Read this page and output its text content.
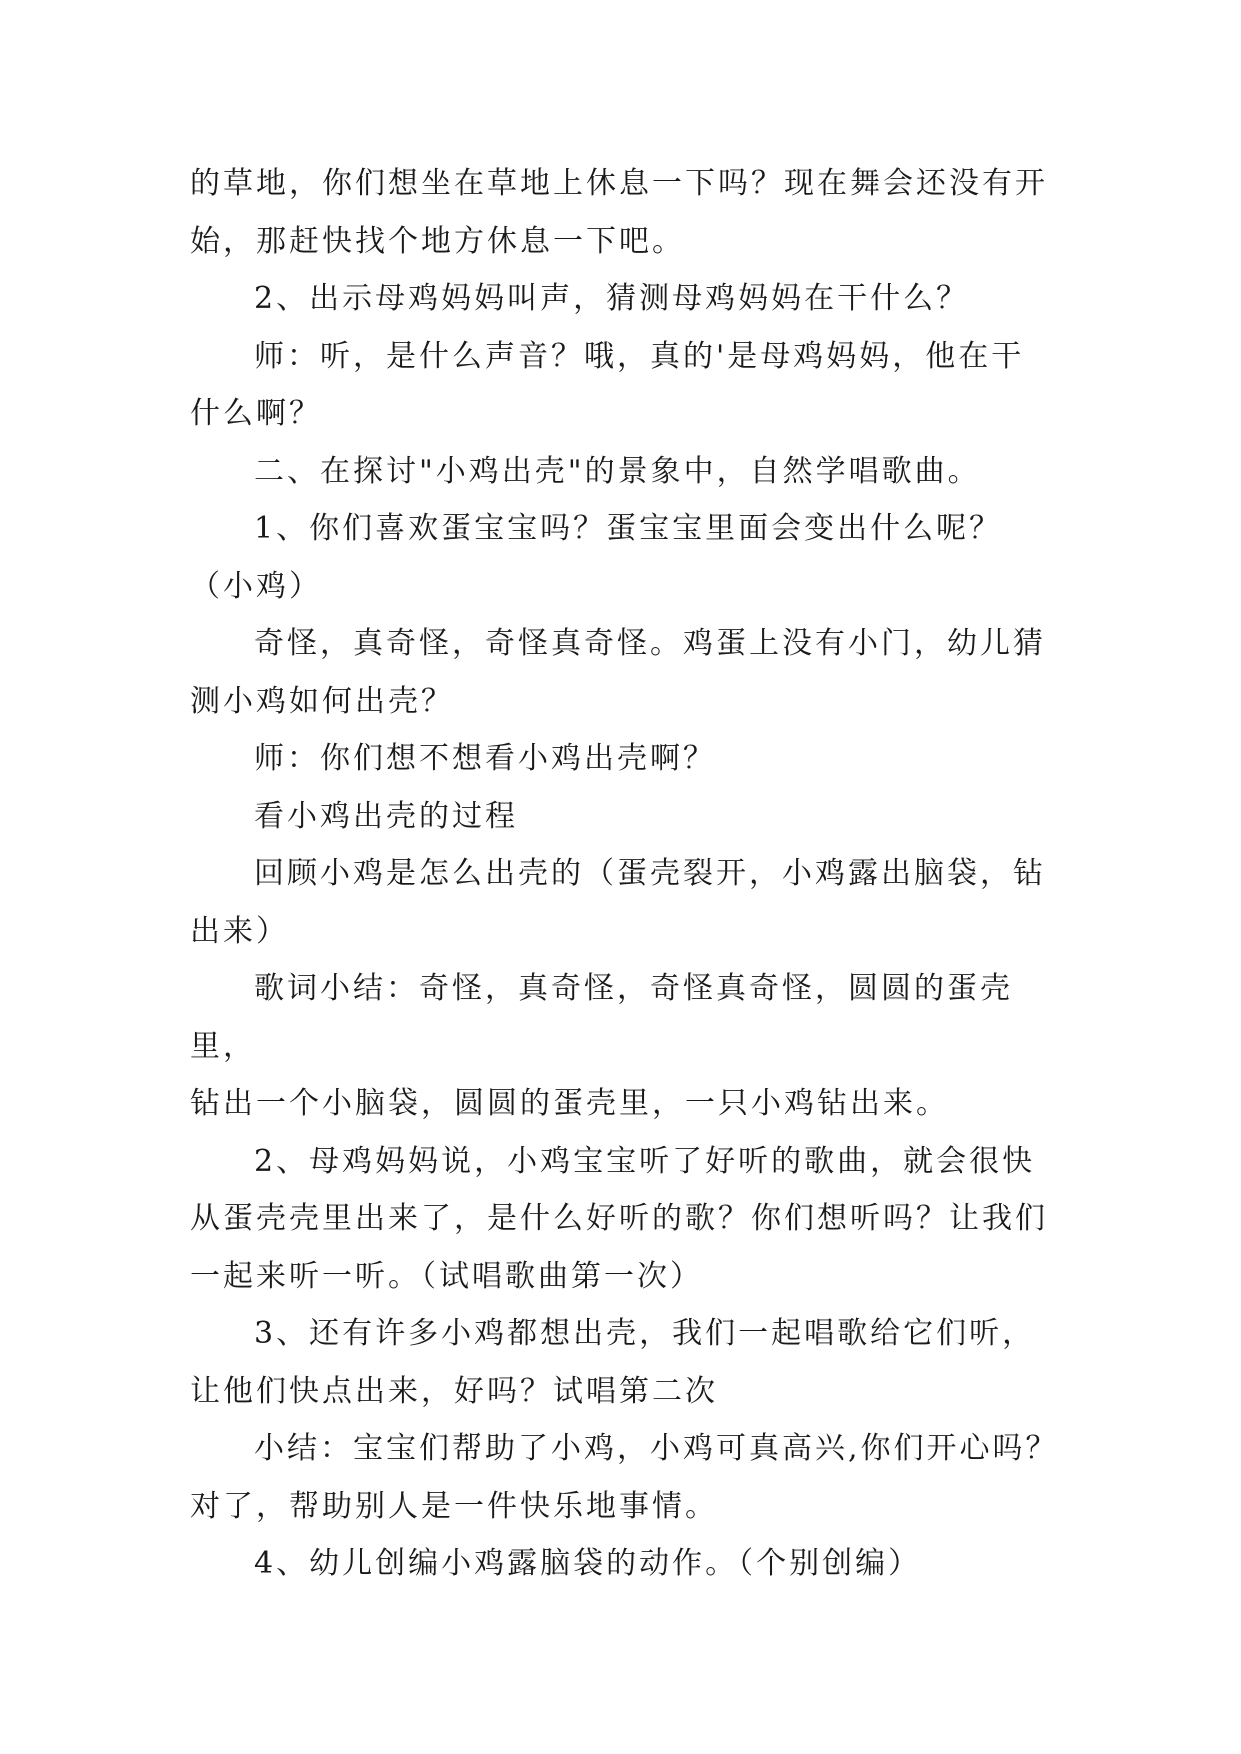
的草地，你们想坐在草地上休息一下吗？现在舞会还没有开
始，那赶快找个地方休息一下吧。
2、出示母鸡妈妈叫声，猜测母鸡妈妈在干什么？
师：听，是什么声音？哦，真的'是母鸡妈妈，他在干
什么啊？
二、在探讨"小鸡出壳"的景象中，自然学唱歌曲。
1、你们喜欢蛋宝宝吗？蛋宝宝里面会变出什么呢？
（小鸡）
奇怪，真奇怪，奇怪真奇怪。鸡蛋上没有小门，幼儿猜
测小鸡如何出壳？
师：你们想不想看小鸡出壳啊？
看小鸡出壳的过程
回顾小鸡是怎么出壳的（蛋壳裂开，小鸡露出脑袋，钻
出来）
歌词小结：奇怪，真奇怪，奇怪真奇怪，圆圆的蛋壳里，
钻出一个小脑袋，圆圆的蛋壳里，一只小鸡钻出来。
2、母鸡妈妈说，小鸡宝宝听了好听的歌曲，就会很快
从蛋壳壳里出来了，是什么好听的歌？你们想听吗？让我们
一起来听一听。（试唱歌曲第一次）
3、还有许多小鸡都想出壳，我们一起唱歌给它们听，
让他们快点出来，好吗？试唱第二次
小结：宝宝们帮助了小鸡，小鸡可真高兴,你们开心吗？
对了，帮助别人是一件快乐地事情。
4、幼儿创编小鸡露脑袋的动作。（个别创编）
